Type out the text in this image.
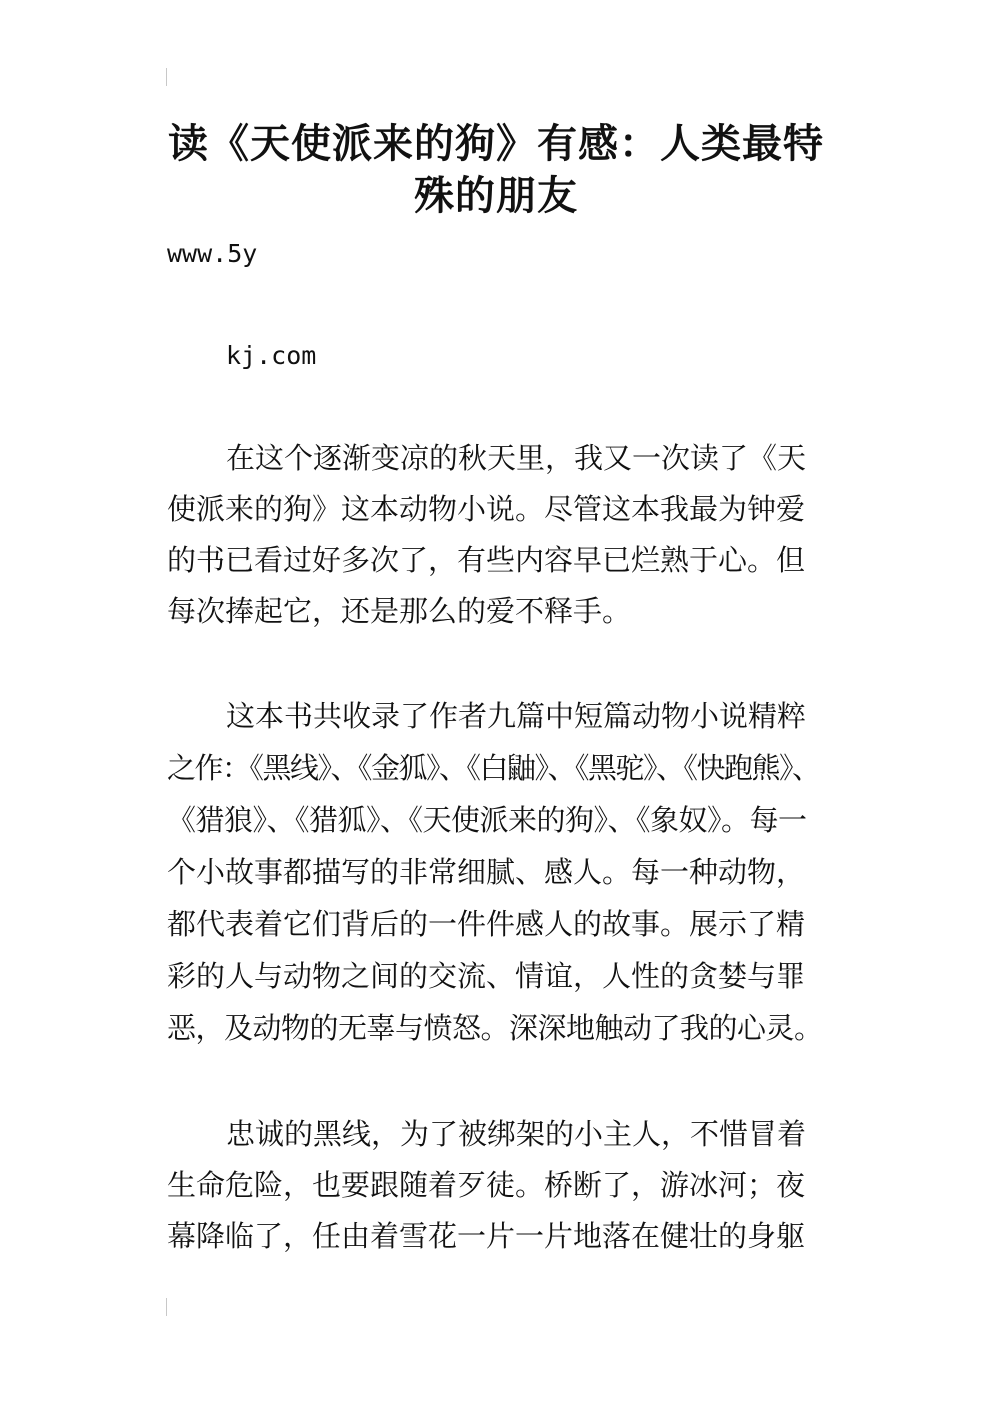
读《天使派来的狗》有感：人类最特
殊的朋友
www.5y
kj.com
在这个逐渐变凉的秋天里，我又一次读了《天
使派来的狗》这本动物小说。尽管这本我最为钟爱
的书已看过好多次了，有些内容早已烂熟于心。但
每次捧起它，还是那么的爱不释手。
这本书共收录了作者九篇中短篇动物小说精粹
之作：《黑线》、《金狐》、《白鼬》、《黑驼》、《快跑熊》、
《猎狼》、《猎狐》、《天使派来的狗》、《象奴》。每一
个小故事都描写的非常细腻、感人。每一种动物，
都代表着它们背后的一件件感人的故事。展示了精
彩的人与动物之间的交流、情谊，人性的贪婪与罪
恶，及动物的无辜与愤怒。深深地触动了我的心灵。
忠诚的黑线，为了被绑架的小主人，不惜冒着
生命危险，也要跟随着歹徒。桥断了，游冰河；夜
幕降临了，任由着雪花一片一片地落在健壮的身躯
